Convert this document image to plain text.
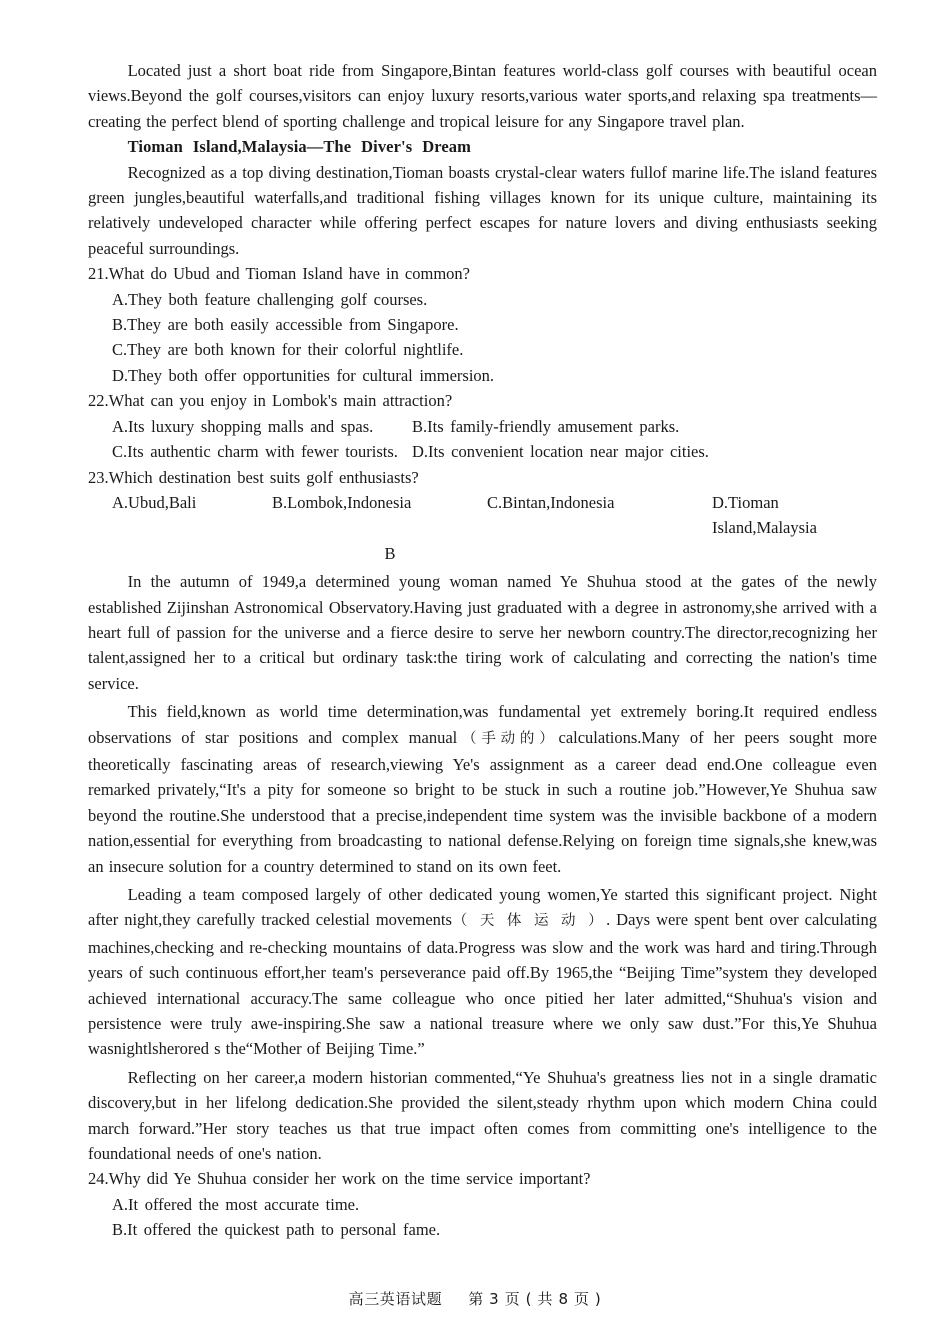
Located just a short boat ride from Singapore,Bintan features world-class golf courses with beautiful ocean views.Beyond the golf courses,visitors can enjoy luxury resorts,various water sports,and relaxing spa treatments—creating the perfect blend of sporting challenge and tropical leisure for any Singapore travel plan.

Tioman Island,Malaysia—The Diver's Dream

Recognized as a top diving destination,Tioman boasts crystal-clear waters fullof marine life.The island features green jungles,beautiful waterfalls,and traditional fishing villages known for its unique culture, maintaining its relatively undeveloped character while offering perfect escapes for nature lovers and diving enthusiasts seeking peaceful surroundings.

21.What do Ubud and Tioman Island have in common?

A.They both feature challenging golf courses.

B.They are both easily accessible from Singapore.

C.They are both known for their colorful nightlife.

D.They both offer opportunities for cultural immersion.

22.What can you enjoy in Lombok's main attraction?

A.Its luxury shopping malls and spas.	B.Its family-friendly amusement parks.
C.Its authentic charm with fewer tourists. D.Its convenient location near major cities.

23.Which destination best suits golf enthusiasts?

A.Ubud,Bali	B.Lombok,Indonesia	C.Bintan,Indonesia	D.Tioman Island,Malaysia

B

In the autumn of 1949,a determined young woman named Ye Shuhua stood at the gates of the newly established Zijinshan Astronomical Observatory.Having just graduated with a degree in astronomy,she arrived with a heart full of passion for the universe and a fierce desire to serve her newborn country.The director,recognizing her talent,assigned her to a critical but ordinary task:the tiring work of calculating and correcting the nation's time service.

This field,known as world time determination,was fundamental yet extremely boring.It required endless observations of star positions and complex manual（手动的）calculations.Many of her peers sought more theoretically fascinating areas of research,viewing Ye's assignment as a career dead end.One colleague even remarked privately,“It's a pity for someone so bright to be stuck in such a routine job.”However,Ye Shuhua saw beyond the routine.She understood that a precise,independent time system was the invisible backbone of a modern nation,essential for everything from broadcasting to national defense.Relying on foreign time signals,she knew,was an insecure solution for a country determined to stand on its own feet.

Leading a team composed largely of other dedicated young women,Ye started this significant project. Night after night,they carefully tracked celestial movements（ 天 体 运 动 ）. Days were spent bent over calculating machines,checking and re-checking mountains of data.Progress was slow and the work was hard and tiring.Through years of such continuous effort,her team's perseverance paid off.By 1965,the “Beijing Time”system they developed achieved international accuracy.The same colleague who once pitied her later admitted,“Shuhua's vision and persistence were truly awe-inspiring.She saw a national treasure where we only saw dust.”For this,Ye Shuhua wasnightlsherored s the“Mother of Beijing Time.”

Reflecting on her career,a modern historian commented,“Ye Shuhua's greatness lies not in a single dramatic discovery,but in her lifelong dedication.She provided the silent,steady rhythm upon which modern China could march forward.”Her story teaches us that true impact often comes from committing one's intelligence to the foundational needs of one's nation.

24.Why did Ye Shuhua consider her work on the time service important?

A.It offered the most accurate time.

B.It offered the quickest path to personal fame.

高三英语试题 第 3 页 ( 共 8 页 )
